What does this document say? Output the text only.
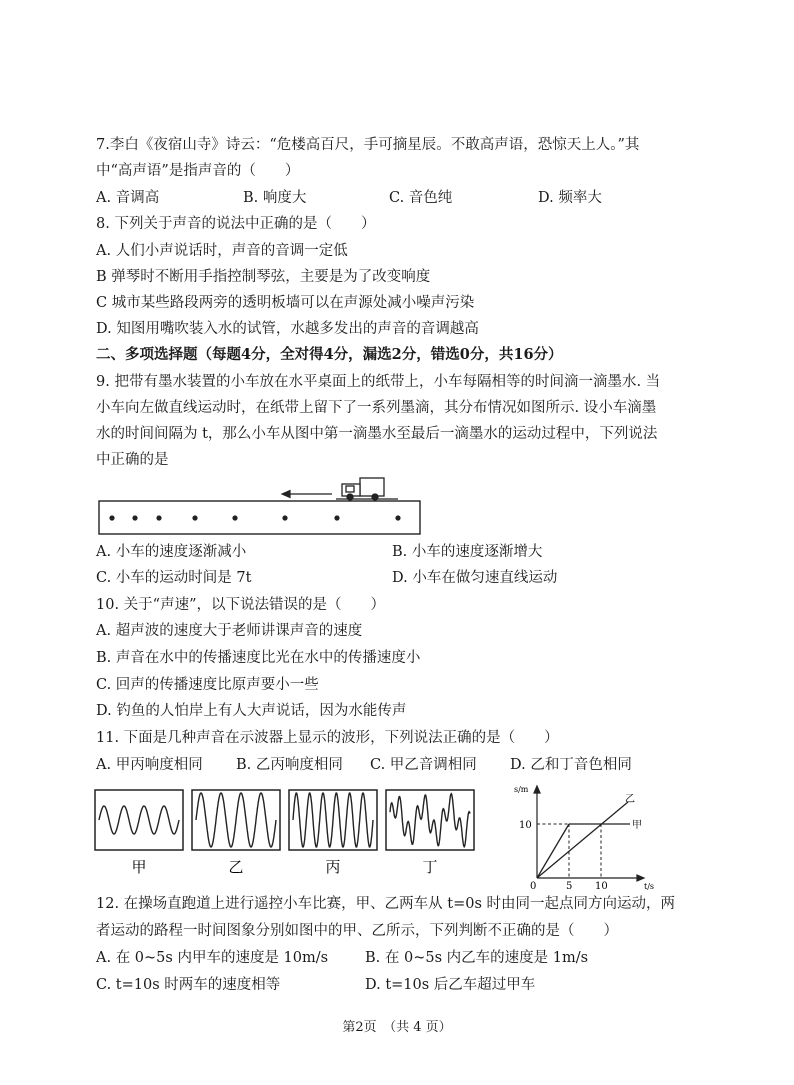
7.李白《夜宿山寺》诗云：“危楼高百尺，手可摘星辰。不敢高声语，恐惊天上人。”其
中“高声语”是指声音的（　　）
A. 音调高	B. 响度大	C. 音色纯	D. 频率大
8. 下列关于声音的说法中正确的是（　　）
A. 人们小声说话时，声音的音调一定低
B 弹琴时不断用手指控制琴弦，主要是为了改变响度
C 城市某些路段两旁的透明板墙可以在声源处减小噪声污染
D. 知图用嘴吹装入水的试管，水越多发出的声音的音调越高
二、多项选择题（每题4分，全对得4分，漏选2分，错选0分，共16分）
9. 把带有墨水装置的小车放在水平桌面上的纸带上，小车每隔相等的时间滴一滴墨水. 当
小车向左做直线运动时，在纸带上留下了一系列墨滴，其分布情况如图所示. 设小车滴墨
水的时间间隔为 t，那么小车从图中第一滴墨水至最后一滴墨水的运动过程中，下列说法
中正确的是
A. 小车的速度逐渐减小	B. 小车的速度逐渐增大
C. 小车的运动时间是 7t	D. 小车在做匀速直线运动
10. 关于“声速”，以下说法错误的是（　　）
A. 超声波的速度大于老师讲课声音的速度
B. 声音在水中的传播速度比光在水中的传播速度小
C. 回声的传播速度比原声要小一些
D. 钓鱼的人怕岸上有人大声说话，因为水能传声
11. 下面是几种声音在示波器上显示的波形，下列说法正确的是（　　）
A. 甲丙响度相同 B. 乙丙响度相同 C. 甲乙音调相同 D. 乙和丁音色相同
甲	乙	丙	丁
s/m
t/s
10
0	5 10
甲
乙
12. 在操场直跑道上进行遥控小车比赛，甲、乙两车从 t=0s 时由同一起点同方向运动，两
者运动的路程一时间图象分别如图中的甲、乙所示，下列判断不正确的是（　　）
A. 在 0~5s 内甲车的速度是 10m/s	B. 在 0~5s 内乙车的速度是 1m/s
C. t=10s 时两车的速度相等	D. t=10s 后乙车超过甲车
第2页　（共 4 页）
